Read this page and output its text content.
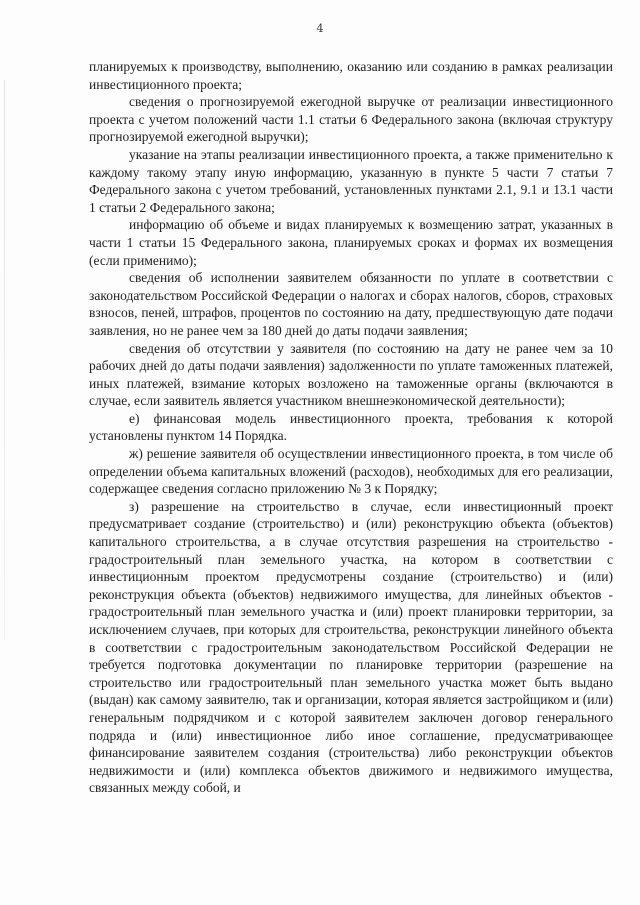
4

планируемых к производству, выполнению, оказанию или созданию в рамках реализации инвестиционного проекта;

сведения о прогнозируемой ежегодной выручке от реализации инвестиционного проекта с учетом положений части 1.1 статьи 6 Федерального закона (включая структуру прогнозируемой ежегодной выручки);

указание на этапы реализации инвестиционного проекта, а также применительно к каждому такому этапу иную информацию, указанную в пункте 5 части 7 статьи 7 Федерального закона с учетом требований, установленных пунктами 2.1, 9.1 и 13.1 части 1 статьи 2 Федерального закона;

информацию об объеме и видах планируемых к возмещению затрат, указанных в части 1 статьи 15 Федерального закона, планируемых сроках и формах их возмещения (если применимо);

сведения об исполнении заявителем обязанности по уплате в соответствии с законодательством Российской Федерации о налогах и сборах налогов, сборов, страховых взносов, пеней, штрафов, процентов по состоянию на дату, предшествующую дате подачи заявления, но не ранее чем за 180 дней до даты подачи заявления;

сведения об отсутствии у заявителя (по состоянию на дату не ранее чем за 10 рабочих дней до даты подачи заявления) задолженности по уплате таможенных платежей, иных платежей, взимание которых возложено на таможенные органы (включаются в случае, если заявитель является участником внешнеэкономической деятельности);

е) финансовая модель инвестиционного проекта, требования к которой установлены пунктом 14 Порядка.

ж) решение заявителя об осуществлении инвестиционного проекта, в том числе об определении объема капитальных вложений (расходов), необходимых для его реализации, содержащее сведения согласно приложению № 3 к Порядку;

з) разрешение на строительство в случае, если инвестиционный проект предусматривает создание (строительство) и (или) реконструкцию объекта (объектов) капитального строительства, а в случае отсутствия разрешения на строительство - градостроительный план земельного участка, на котором в соответствии с инвестиционным проектом предусмотрены создание (строительство) и (или) реконструкция объекта (объектов) недвижимого имущества, для линейных объектов - градостроительный план земельного участка и (или) проект планировки территории, за исключением случаев, при которых для строительства, реконструкции линейного объекта в соответствии с градостроительным законодательством Российской Федерации не требуется подготовка документации по планировке территории (разрешение на строительство или градостроительный план земельного участка может быть выдано (выдан) как самому заявителю, так и организации, которая является застройщиком и (или) генеральным подрядчиком и с которой заявителем заключен договор генерального подряда и (или) инвестиционное либо иное соглашение, предусматривающее финансирование заявителем создания (строительства) либо реконструкции объектов недвижимости и (или) комплекса объектов движимого и недвижимого имущества, связанных между собой, и
